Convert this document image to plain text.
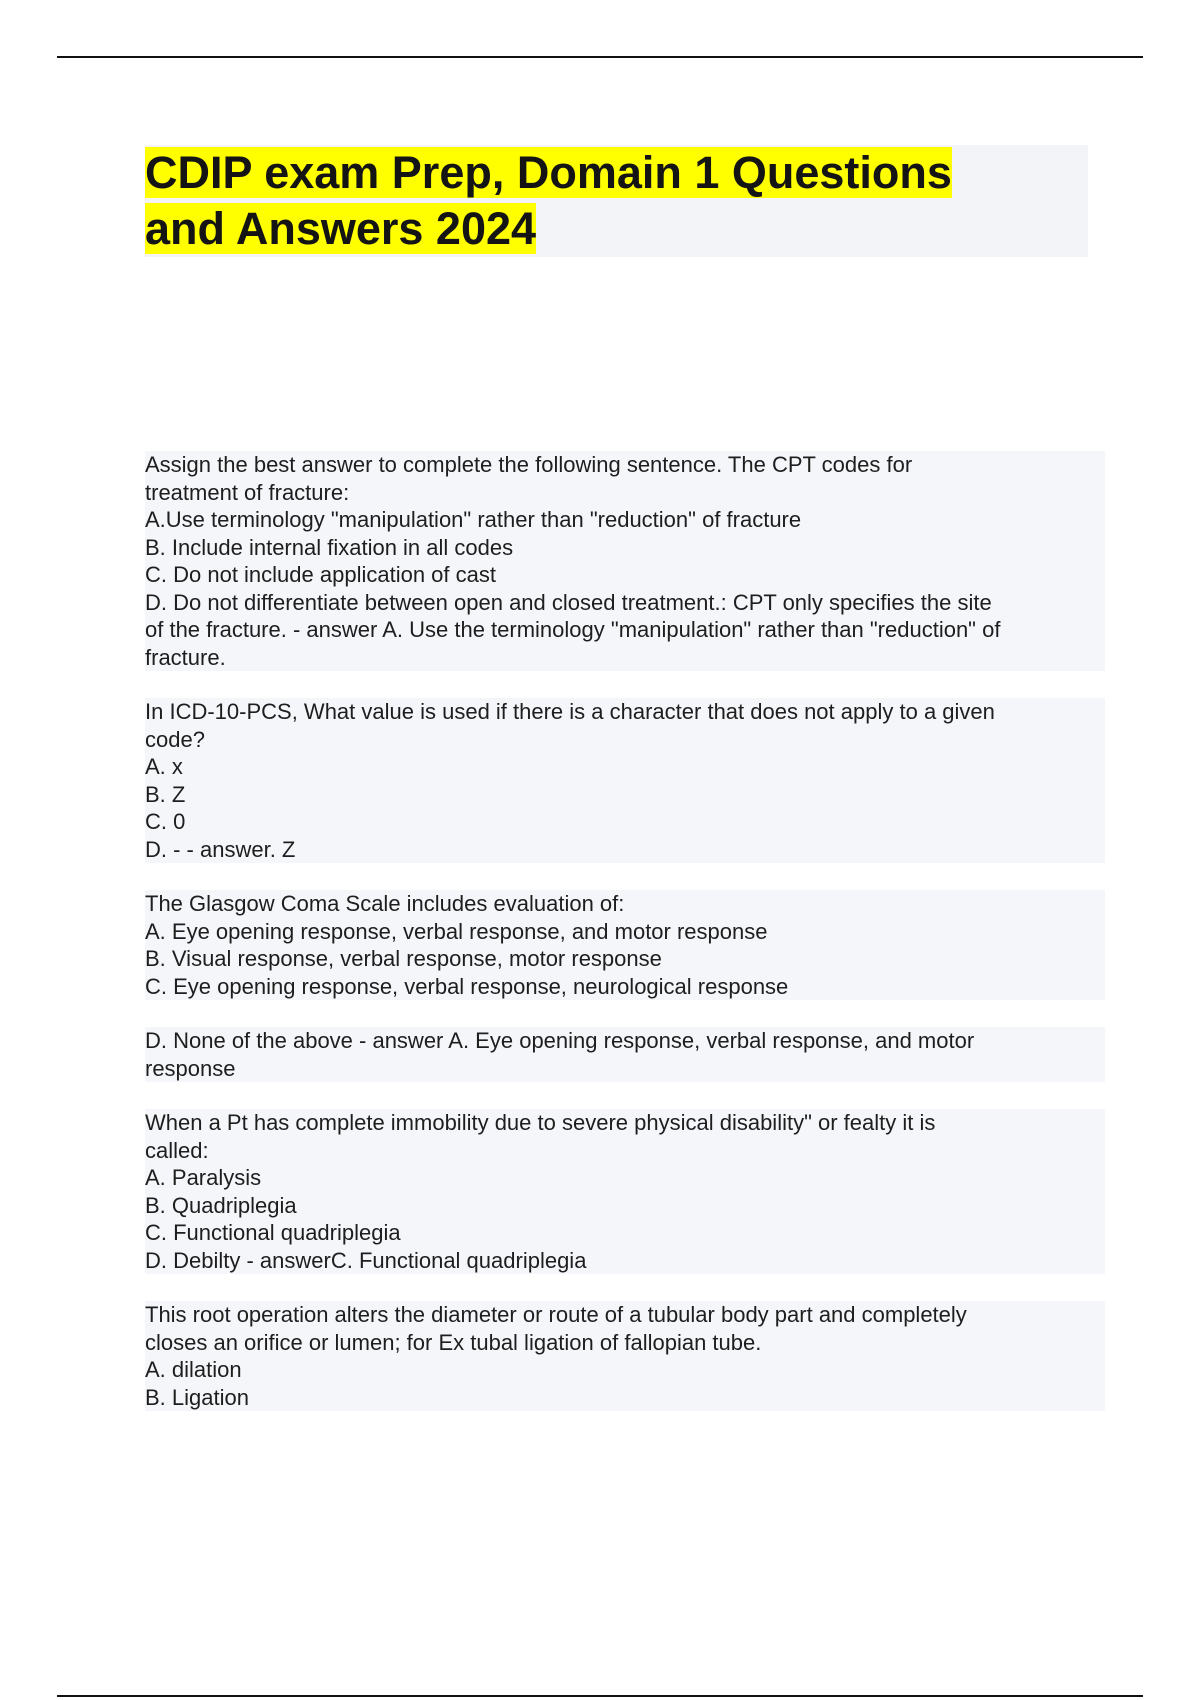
CDIP exam Prep, Domain 1 Questions
and Answers 2024
Assign the best answer to complete the following sentence. The CPT codes for
treatment of fracture:
A.Use terminology "manipulation" rather than "reduction" of fracture
B. Include internal fixation in all codes
C. Do not include application of cast
D. Do not differentiate between open and closed treatment.: CPT only specifies the site
of the fracture. - answer A. Use the terminology "manipulation" rather than "reduction" of
fracture.
In ICD-10-PCS, What value is used if there is a character that does not apply to a given
code?
A. x
B. Z
C. 0
D. - - answer. Z
The Glasgow Coma Scale includes evaluation of:
A. Eye opening response, verbal response, and motor response
B. Visual response, verbal response, motor response
C. Eye opening response, verbal response, neurological response
D. None of the above - answer A. Eye opening response, verbal response, and motor
response
When a Pt has complete immobility due to severe physical disability" or fealty it is
called:
A. Paralysis
B. Quadriplegia
C. Functional quadriplegia
D. Debilty - answerC. Functional quadriplegia
This root operation alters the diameter or route of a tubular body part and completely
closes an orifice or lumen; for Ex tubal ligation of fallopian tube.
A. dilation
B. Ligation
